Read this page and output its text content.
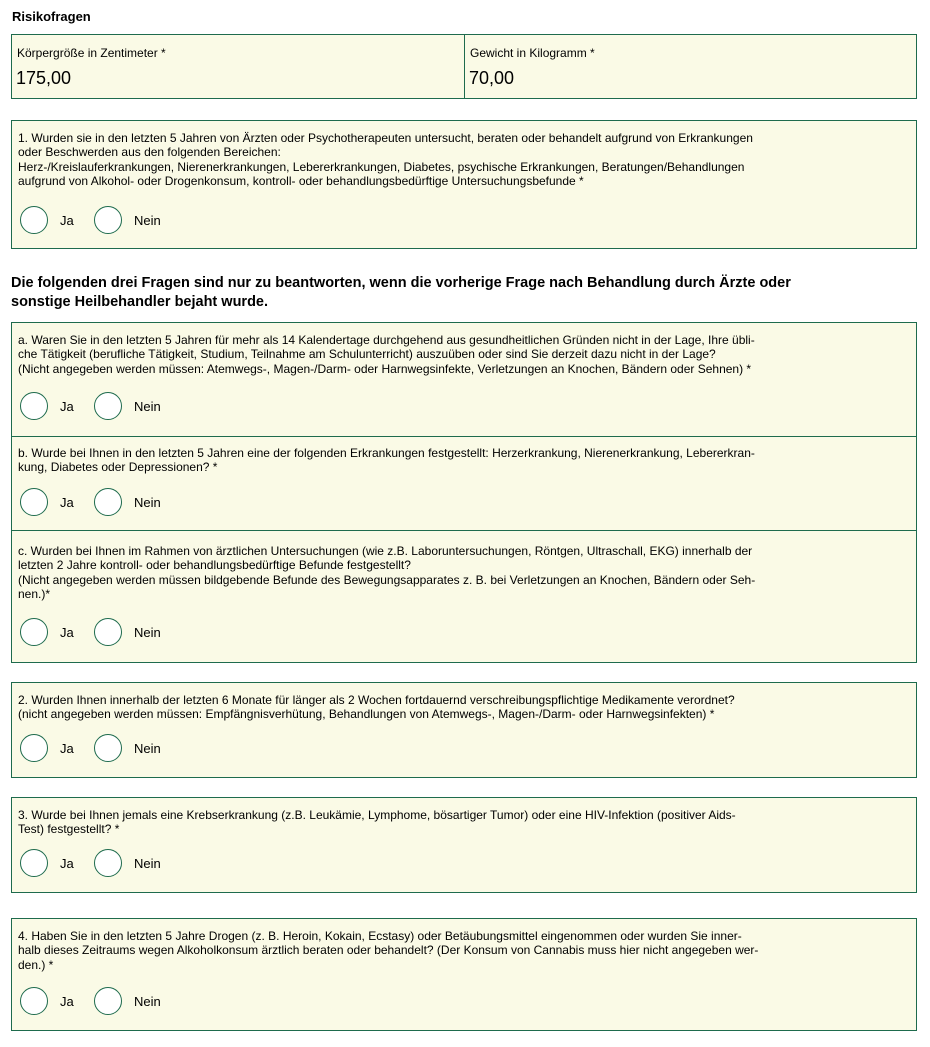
Risikofragen
Körpergröße in Zentimeter *
175,00
Gewicht in Kilogramm *
70,00
1. Wurden sie in den letzten 5 Jahren von Ärzten oder Psychotherapeuten untersucht, beraten oder behandelt aufgrund von Erkrankungen
oder Beschwerden aus den folgenden Bereichen:
Herz-/Kreislauferkrankungen, Nierenerkrankungen, Lebererkrankungen, Diabetes, psychische Erkrankungen, Beratungen/Behandlungen
aufgrund von Alkohol- oder Drogenkonsum, kontroll- oder behandlungsbedürftige Untersuchungsbefunde *
Ja	Nein
Die folgenden drei Fragen sind nur zu beantworten, wenn die vorherige Frage nach Behandlung durch Ärzte oder
sonstige Heilbehandler bejaht wurde.
a. Waren Sie in den letzten 5 Jahren für mehr als 14 Kalendertage durchgehend aus gesundheitlichen Gründen nicht in der Lage, Ihre übli-
che Tätigkeit (berufliche Tätigkeit, Studium, Teilnahme am Schulunterricht) auszuüben oder sind Sie derzeit dazu nicht in der Lage?
(Nicht angegeben werden müssen: Atemwegs-, Magen-/Darm- oder Harnwegsinfekte, Verletzungen an Knochen, Bändern oder Sehnen) *
Ja	Nein
b. Wurde bei Ihnen in den letzten 5 Jahren eine der folgenden Erkrankungen festgestellt: Herzerkrankung, Nierenerkrankung, Lebererkran-
kung, Diabetes oder Depressionen? *
Ja	Nein
c. Wurden bei Ihnen im Rahmen von ärztlichen Untersuchungen (wie z.B. Laboruntersuchungen, Röntgen, Ultraschall, EKG) innerhalb der
letzten 2 Jahre kontroll- oder behandlungsbedürftige Befunde festgestellt?
(Nicht angegeben werden müssen bildgebende Befunde des Bewegungsapparates z. B. bei Verletzungen an Knochen, Bändern oder Seh-
nen.)*
Ja	Nein
2. Wurden Ihnen innerhalb der letzten 6 Monate für länger als 2 Wochen fortdauernd verschreibungspflichtige Medikamente verordnet?
(nicht angegeben werden müssen: Empfängnisverhütung, Behandlungen von Atemwegs-, Magen-/Darm- oder Harnwegsinfekten) *
Ja	Nein
3. Wurde bei Ihnen jemals eine Krebserkrankung (z.B. Leukämie, Lymphome, bösartiger Tumor) oder eine HIV-Infektion (positiver Aids-
Test) festgestellt? *
Ja	Nein
4. Haben Sie in den letzten 5 Jahre Drogen (z. B. Heroin, Kokain, Ecstasy) oder Betäubungsmittel eingenommen oder wurden Sie inner-
halb dieses Zeitraums wegen Alkoholkonsum ärztlich beraten oder behandelt? (Der Konsum von Cannabis muss hier nicht angegeben wer-
den.) *
Ja	Nein
